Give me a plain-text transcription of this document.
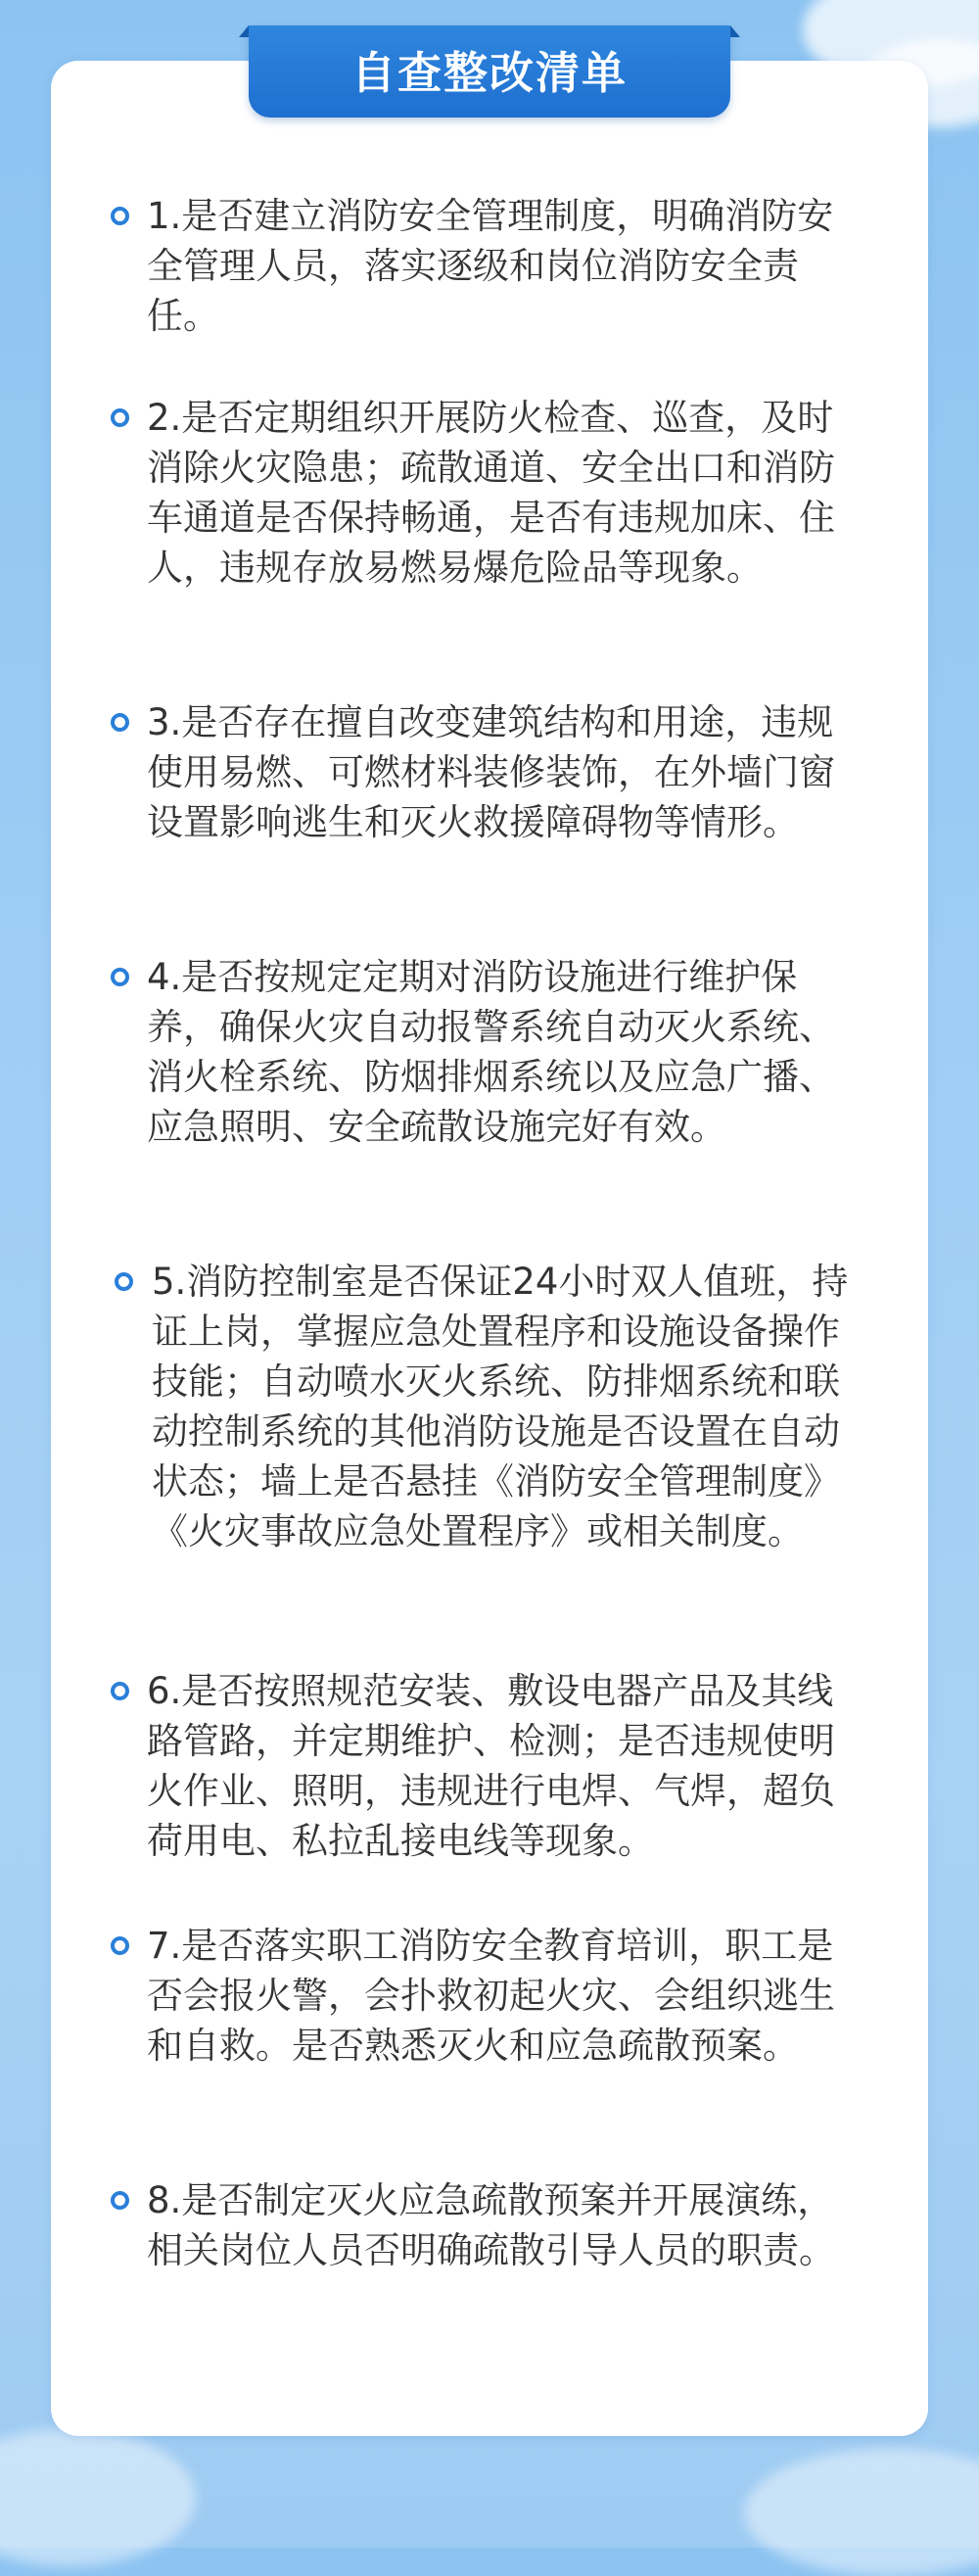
自查整改清单
1.是否建立消防安全管理制度，明确消防安全管理人员，落实逐级和岗位消防安全责任。
2.是否定期组织开展防火检查、巡查，及时消除火灾隐患；疏散通道、安全出口和消防车通道是否保持畅通，是否有违规加床、住人，违规存放易燃易爆危险品等现象。
3.是否存在擅自改变建筑结构和用途，违规使用易燃、可燃材料装修装饰，在外墙门窗设置影响逃生和灭火救援障碍物等情形。
4.是否按规定定期对消防设施进行维护保养，确保火灾自动报警系统自动灭火系统、消火栓系统、防烟排烟系统以及应急广播、应急照明、安全疏散设施完好有效。
5.消防控制室是否保证24小时双人值班，持证上岗，掌握应急处置程序和设施设备操作技能；自动喷水灭火系统、防排烟系统和联动控制系统的其他消防设施是否设置在自动状态；墙上是否悬挂《消防安全管理制度》《火灾事故应急处置程序》或相关制度。
6.是否按照规范安装、敷设电器产品及其线路管路，并定期维护、检测；是否违规使明火作业、照明，违规进行电焊、气焊，超负荷用电、私拉乱接电线等现象。
7.是否落实职工消防安全教育培训，职工是否会报火警，会扑救初起火灾、会组织逃生和自救。是否熟悉灭火和应急疏散预案。
8.是否制定灭火应急疏散预案并开展演练，相关岗位人员否明确疏散引导人员的职责。
